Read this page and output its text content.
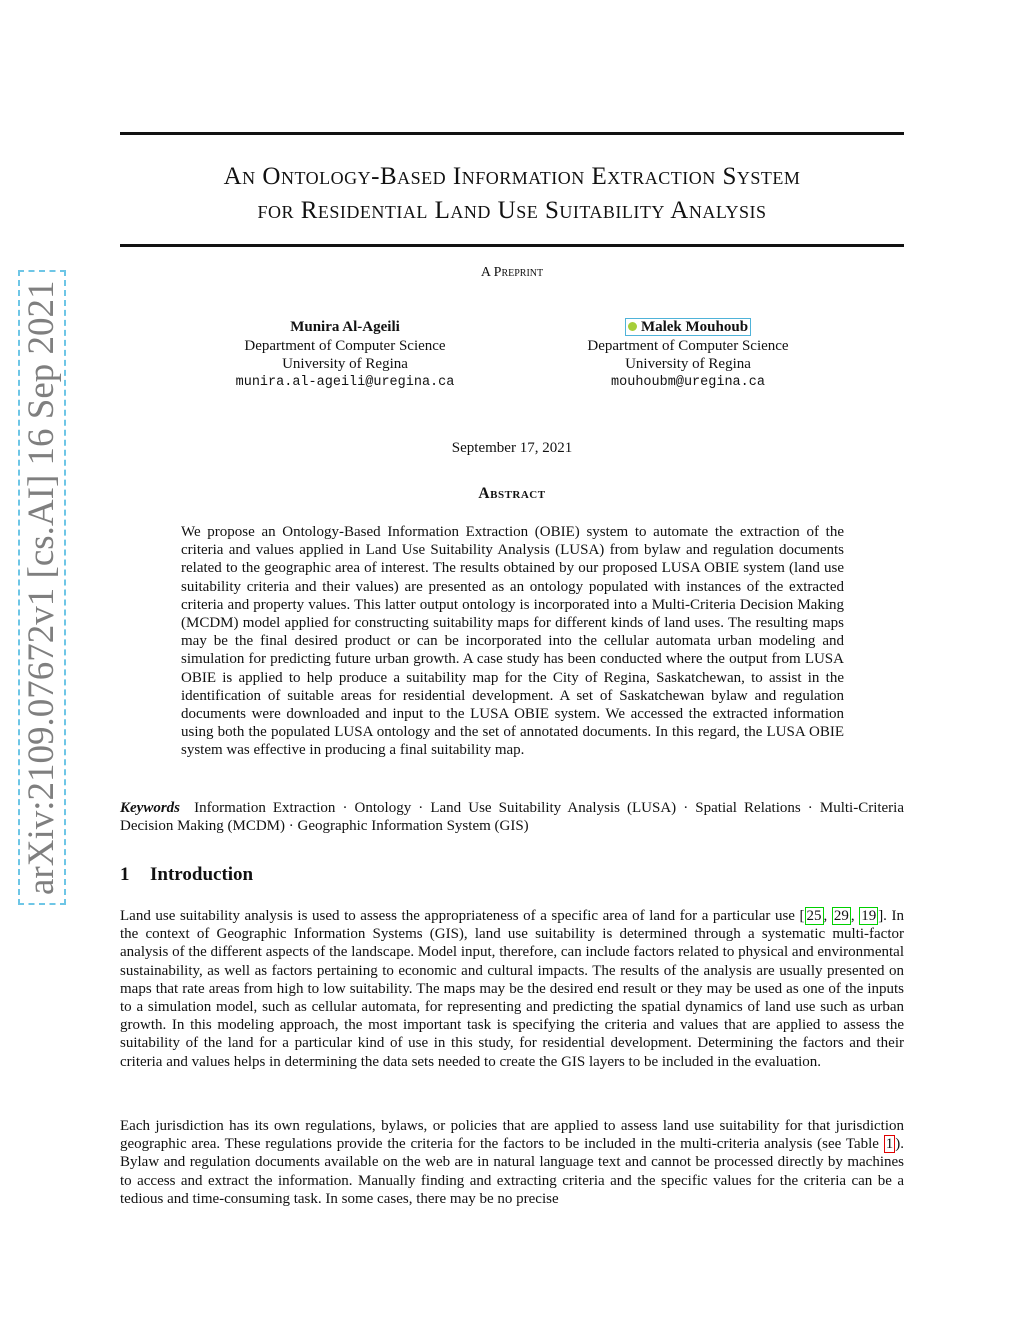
arXiv:2109.07672v1 [cs.AI] 16 Sep 2021
An Ontology-Based Information Extraction System
for Residential Land Use Suitability Analysis
A Preprint
Munira Al-Ageili
Department of Computer Science
University of Regina
munira.al-ageili@uregina.ca
Malek Mouhoub
Department of Computer Science
University of Regina
mouhoubm@uregina.ca
September 17, 2021
Abstract
We propose an Ontology-Based Information Extraction (OBIE) system to automate the extraction of the criteria and values applied in Land Use Suitability Analysis (LUSA) from bylaw and regulation documents related to the geographic area of interest. The results obtained by our proposed LUSA OBIE system (land use suitability criteria and their values) are presented as an ontology populated with instances of the extracted criteria and property values. This latter output ontology is incorporated into a Multi-Criteria Decision Making (MCDM) model applied for constructing suitability maps for different kinds of land uses. The resulting maps may be the final desired product or can be incorporated into the cellular automata urban modeling and simulation for predicting future urban growth. A case study has been conducted where the output from LUSA OBIE is applied to help produce a suitability map for the City of Regina, Saskatchewan, to assist in the identification of suitable areas for residential development. A set of Saskatchewan bylaw and regulation documents were downloaded and input to the LUSA OBIE system. We accessed the extracted information using both the populated LUSA ontology and the set of annotated documents. In this regard, the LUSA OBIE system was effective in producing a final suitability map.
Keywords Information Extraction · Ontology · Land Use Suitability Analysis (LUSA) · Spatial Relations · Multi-Criteria Decision Making (MCDM) · Geographic Information System (GIS)
1 Introduction
Land use suitability analysis is used to assess the appropriateness of a specific area of land for a particular use [ 25 , 29 , 19 ]. In the context of Geographic Information Systems (GIS), land use suitability is determined through a systematic multi-factor analysis of the different aspects of the landscape. Model input, therefore, can include factors related to physical and environmental sustainability, as well as factors pertaining to economic and cultural impacts. The results of the analysis are usually presented on maps that rate areas from high to low suitability. The maps may be the desired end result or they may be used as one of the inputs to a simulation model, such as cellular automata, for representing and predicting the spatial dynamics of land use such as urban growth. In this modeling approach, the most important task is specifying the criteria and values that are applied to assess the suitability of the land for a particular kind of use in this study, for residential development. Determining the factors and their criteria and values helps in determining the data sets needed to create the GIS layers to be included in the evaluation.
Each jurisdiction has its own regulations, bylaws, or policies that are applied to assess land use suitability for that jurisdiction geographic area. These regulations provide the criteria for the factors to be included in the multi-criteria analysis (see Table 1 ). Bylaw and regulation documents available on the web are in natural language text and cannot be processed directly by machines to access and extract the information. Manually finding and extracting criteria and the specific values for the criteria can be a tedious and time-consuming task. In some cases, there may be no precise
